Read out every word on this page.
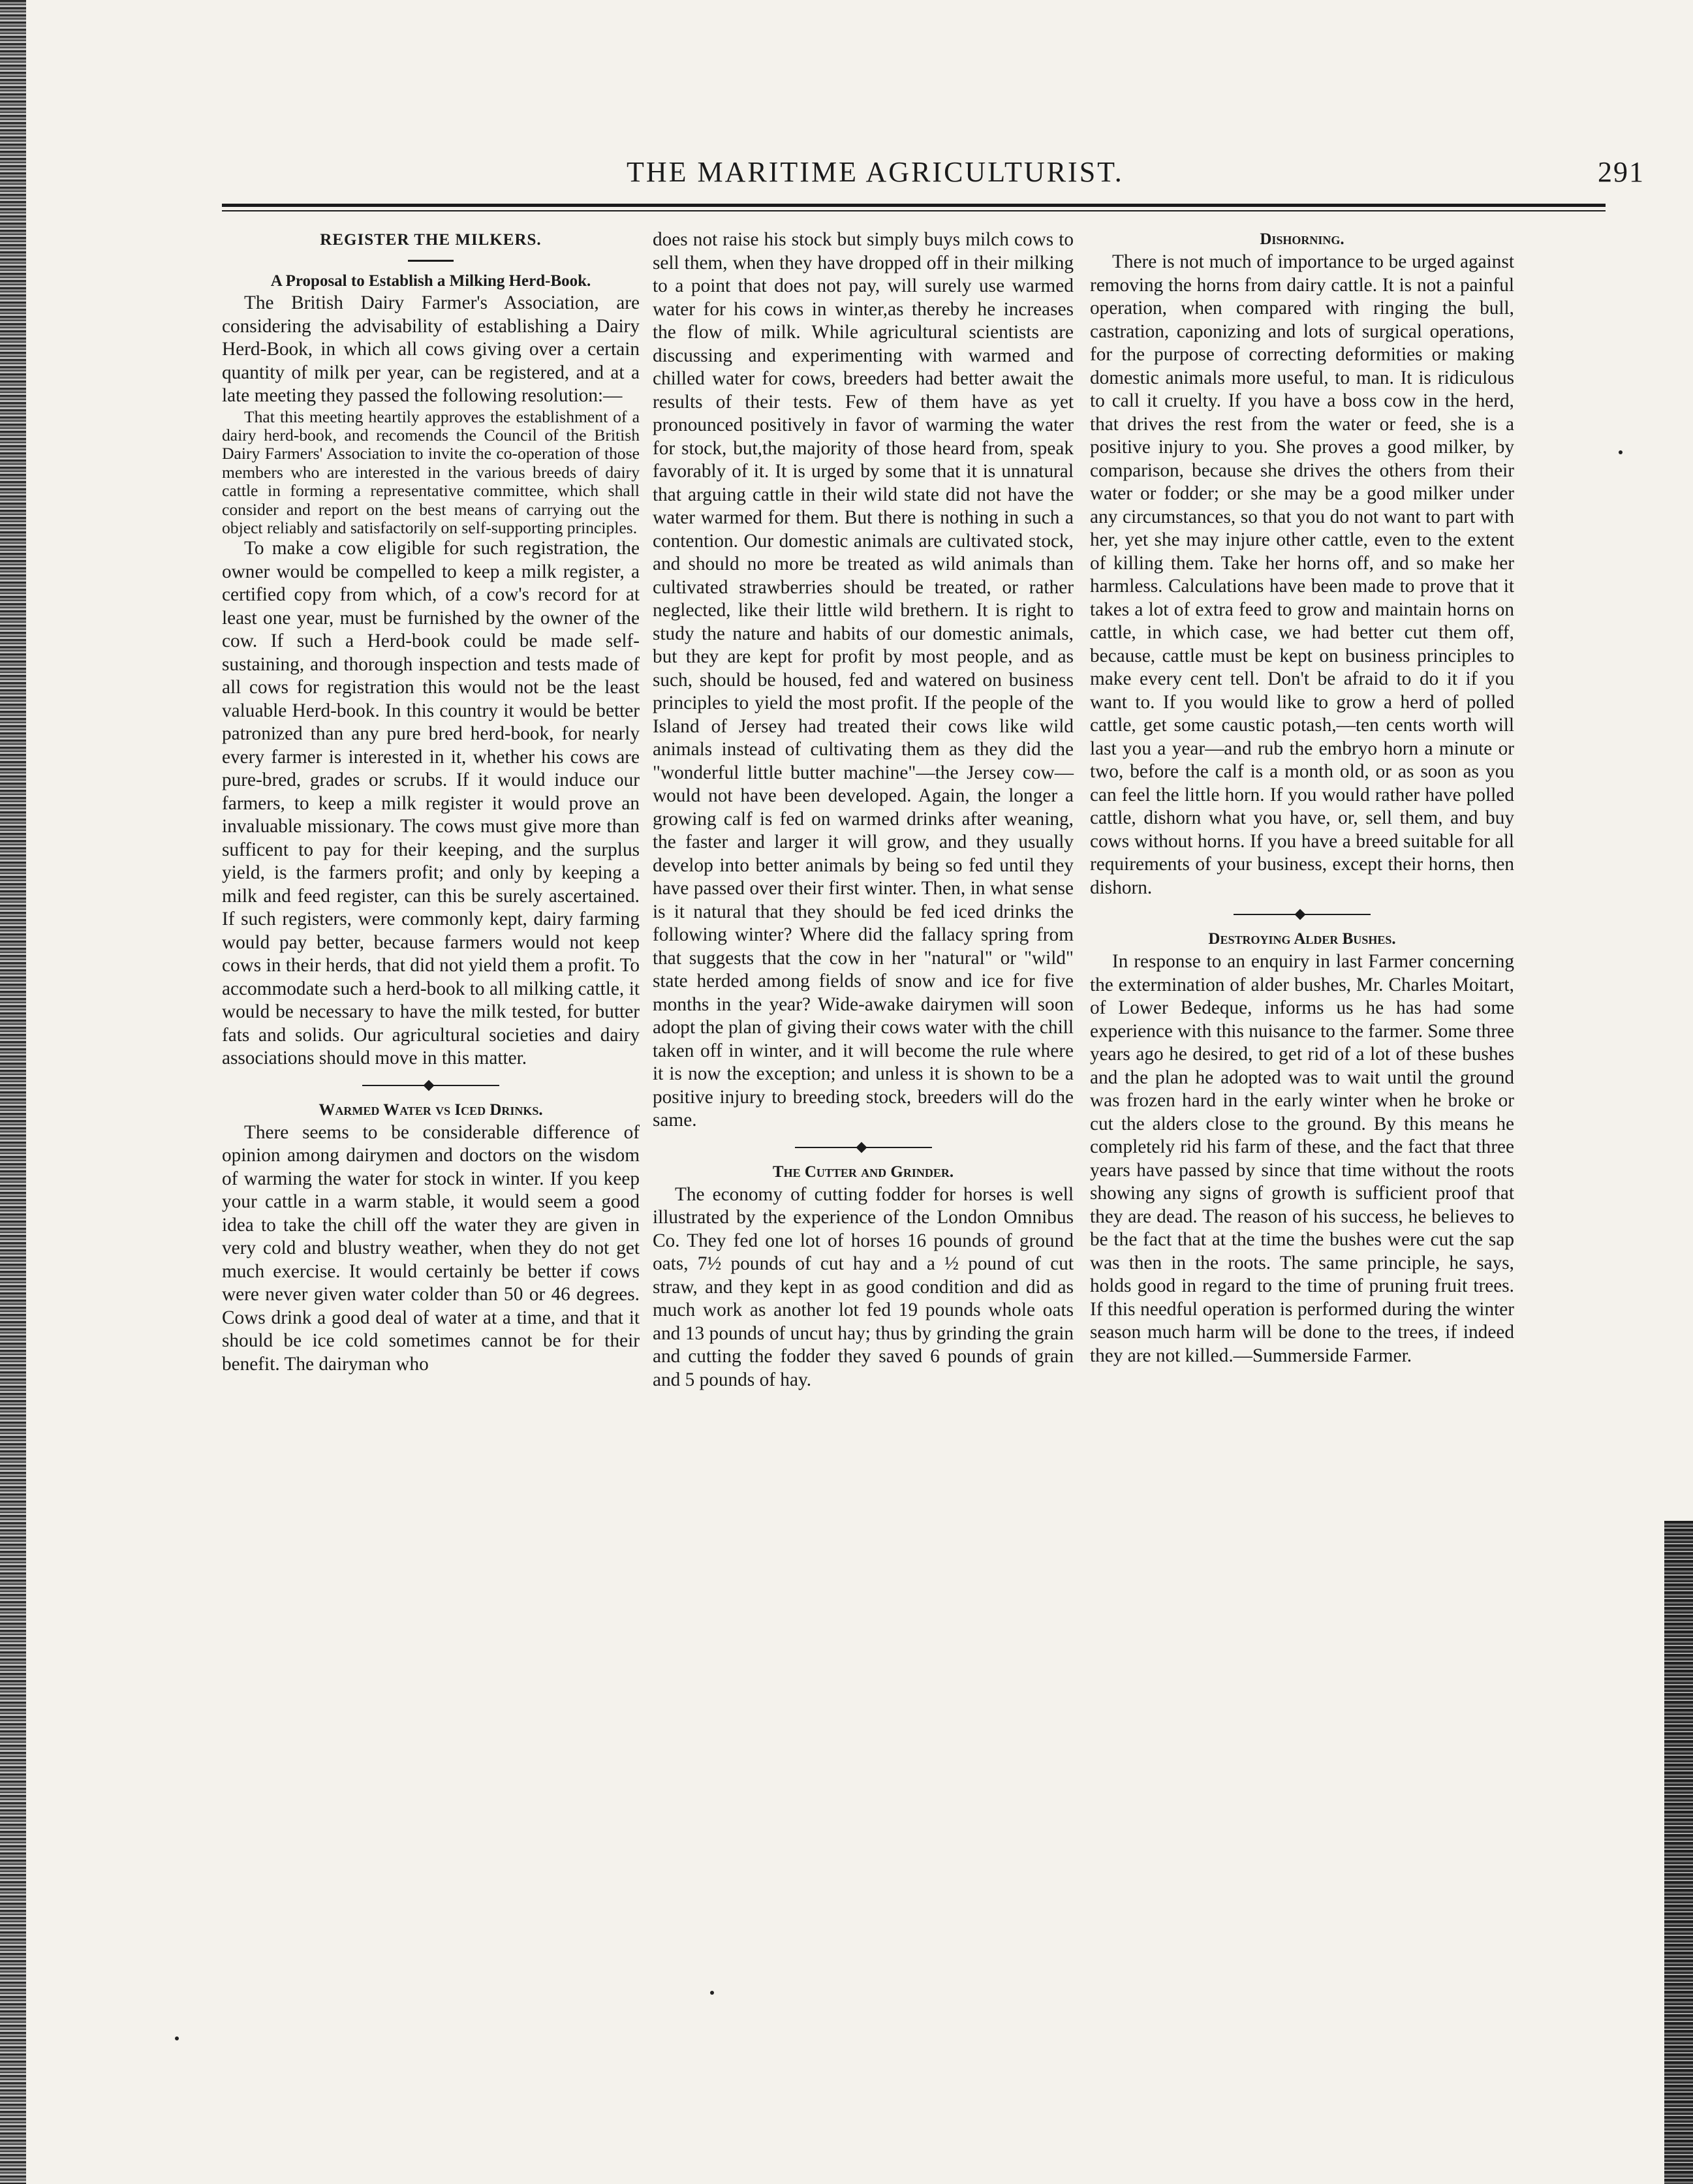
THE MARITIME AGRICULTURIST.	291

REGISTER THE MILKERS.

A Proposal to Establish a Milking Herd-Book.

The British Dairy Farmer's Association, are considering the advisability of establishing a Dairy Herd-Book, in which all cows giving over a certain quantity of milk per year, can be registered, and at a late meeting they passed the following resolution:—

That this meeting heartily approves the establishment of a dairy herd-book, and recomends the Council of the British Dairy Farmers' Association to invite the co-operation of those members who are interested in the various breeds of dairy cattle in forming a representative committee, which shall consider and report on the best means of carrying out the object reliably and satisfactorily on self-supporting principles.

To make a cow eligible for such registration, the owner would be compelled to keep a milk register, a certified copy from which, of a cow's record for at least one year, must be furnished by the owner of the cow. If such a Herd-book could be made self-sustaining, and thorough inspection and tests made of all cows for registration this would not be the least valuable Herd-book. In this country it would be better patronized than any pure bred herd-book, for nearly every farmer is interested in it, whether his cows are pure-bred, grades or scrubs. If it would induce our farmers, to keep a milk register it would prove an invaluable missionary. The cows must give more than sufficent to pay for their keeping, and the surplus yield, is the farmers profit; and only by keeping a milk and feed register, can this be surely ascertained. If such registers, were commonly kept, dairy farming would pay better, because farmers would not keep cows in their herds, that did not yield them a profit. To accommodate such a herd-book to all milking cattle, it would be necessary to have the milk tested, for butter fats and solids. Our agricultural societies and dairy associations should move in this matter.

Warmed Water vs Iced Drinks.

There seems to be considerable difference of opinion among dairymen and doctors on the wisdom of warming the water for stock in winter. If you keep your cattle in a warm stable, it would seem a good idea to take the chill off the water they are given in very cold and blustry weather, when they do not get much exercise. It would certainly be better if cows were never given water colder than 50 or 46 degrees. Cows drink a good deal of water at a time, and that it should be ice cold sometimes cannot be for their benefit. The dairyman who

does not raise his stock but simply buys milch cows to sell them, when they have dropped off in their milking to a point that does not pay, will surely use warmed water for his cows in winter,as thereby he increases the flow of milk. While agricultural scientists are discussing and experimenting with warmed and chilled water for cows, breeders had better await the results of their tests. Few of them have as yet pronounced positively in favor of warming the water for stock, but,the majority of those heard from, speak favorably of it. It is urged by some that it is unnatural that arguing cattle in their wild state did not have the water warmed for them. But there is nothing in such a contention. Our domestic animals are cultivated stock, and should no more be treated as wild animals than cultivated strawberries should be treated, or rather neglected, like their little wild brethern. It is right to study the nature and habits of our domestic animals, but they are kept for profit by most people, and as such, should be housed, fed and watered on business principles to yield the most profit. If the people of the Island of Jersey had treated their cows like wild animals instead of cultivating them as they did the "wonderful little butter machine"—the Jersey cow—would not have been developed. Again, the longer a growing calf is fed on warmed drinks after weaning, the faster and larger it will grow, and they usually develop into better animals by being so fed until they have passed over their first winter. Then, in what sense is it natural that they should be fed iced drinks the following winter? Where did the fallacy spring from that suggests that the cow in her "natural" or "wild" state herded among fields of snow and ice for five months in the year? Wide-awake dairymen will soon adopt the plan of giving their cows water with the chill taken off in winter, and it will become the rule where it is now the exception; and unless it is shown to be a positive injury to breeding stock, breeders will do the same.

The Cutter and Grinder.

The economy of cutting fodder for horses is well illustrated by the experience of the London Omnibus Co. They fed one lot of horses 16 pounds of ground oats, 7½ pounds of cut hay and a ½ pound of cut straw, and they kept in as good condition and did as much work as another lot fed 19 pounds whole oats and 13 pounds of uncut hay; thus by grinding the grain and cutting the fodder they saved 6 pounds of grain and 5 pounds of hay.

Dishorning.

There is not much of importance to be urged against removing the horns from dairy cattle. It is not a painful operation, when compared with ringing the bull, castration, caponizing and lots of surgical operations, for the purpose of correcting deformities or making domestic animals more useful, to man. It is ridiculous to call it cruelty. If you have a boss cow in the herd, that drives the rest from the water or feed, she is a positive injury to you. She proves a good milker, by comparison, because she drives the others from their water or fodder; or she may be a good milker under any circumstances, so that you do not want to part with her, yet she may injure other cattle, even to the extent of killing them. Take her horns off, and so make her harmless. Calculations have been made to prove that it takes a lot of extra feed to grow and maintain horns on cattle, in which case, we had better cut them off, because, cattle must be kept on business principles to make every cent tell. Don't be afraid to do it if you want to. If you would like to grow a herd of polled cattle, get some caustic potash,—ten cents worth will last you a year—and rub the embryo horn a minute or two, before the calf is a month old, or as soon as you can feel the little horn. If you would rather have polled cattle, dishorn what you have, or, sell them, and buy cows without horns. If you have a breed suitable for all requirements of your business, except their horns, then dishorn.

Destroying Alder Bushes.

In response to an enquiry in last Farmer concerning the extermination of alder bushes, Mr. Charles Moitart, of Lower Bedeque, informs us he has had some experience with this nuisance to the farmer. Some three years ago he desired, to get rid of a lot of these bushes and the plan he adopted was to wait until the ground was frozen hard in the early winter when he broke or cut the alders close to the ground. By this means he completely rid his farm of these, and the fact that three years have passed by since that time without the roots showing any signs of growth is sufficient proof that they are dead. The reason of his success, he believes to be the fact that at the time the bushes were cut the sap was then in the roots. The same principle, he says, holds good in regard to the time of pruning fruit trees. If this needful operation is performed during the winter season much harm will be done to the trees, if indeed they are not killed.—Summerside Farmer.
